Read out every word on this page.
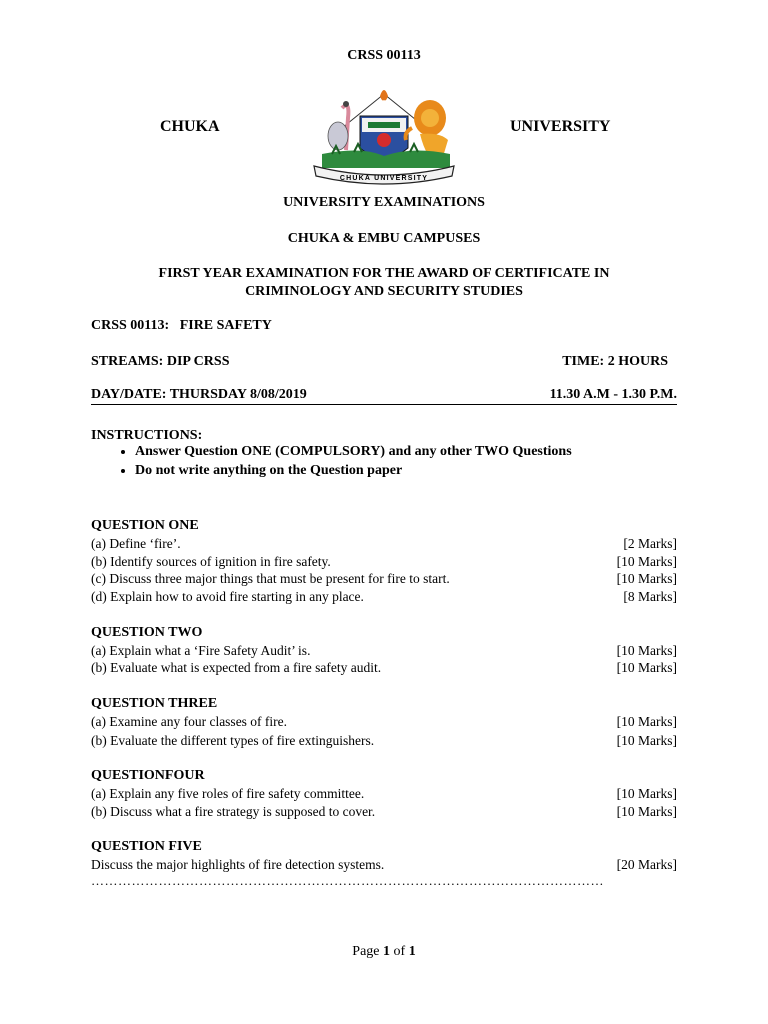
CRSS 00113
CHUKA	UNIVERSITY
CHUKA UNIVERSITY
UNIVERSITY EXAMINATIONS
CHUKA & EMBU CAMPUSES
FIRST YEAR EXAMINATION FOR THE AWARD OF CERTIFICATE IN
CRIMINOLOGY AND SECURITY STUDIES
CRSS 00113: FIRE SAFETY
STREAMS: DIP CRSS	TIME: 2 HOURS
DAY/DATE: THURSDAY 8/08/2019	11.30 A.M - 1.30 P.M.
INSTRUCTIONS:
• Answer Question ONE (COMPULSORY) and any other TWO Questions
• Do not write anything on the Question paper
QUESTION ONE
(a) Define ‘fire’.	[2 Marks]
(b) Identify sources of ignition in fire safety.	[10 Marks]
(c) Discuss three major things that must be present for fire to start.	[10 Marks]
(d) Explain how to avoid fire starting in any place.	[8 Marks]
QUESTION TWO
(a) Explain what a ‘Fire Safety Audit’ is.	[10 Marks]
(b) Evaluate what is expected from a fire safety audit.	[10 Marks]
QUESTION THREE
(a) Examine any four classes of fire.	[10 Marks]
(b) Evaluate the different types of fire extinguishers.	[10 Marks]
QUESTIONFOUR
(a) Explain any five roles of fire safety committee.	[10 Marks]
(b) Discuss what a fire strategy is supposed to cover.	[10 Marks]
QUESTION FIVE
Discuss the major highlights of fire detection systems.	[20 Marks]
……………………………………………………………………………………………………
Page 1 of 1
